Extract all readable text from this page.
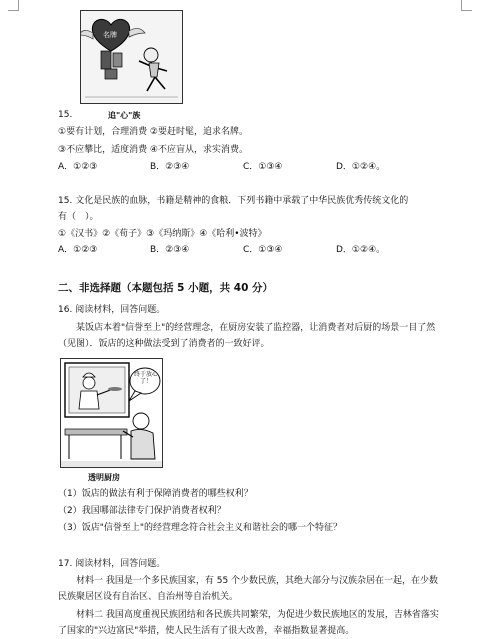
名牌
追"心"族
15.
①要有计划，合理消费 ②要赶时髦，追求名牌。
③不应攀比，适度消费 ④不应盲从，求实消费。
A．①②③	B．②③④	C．①③④	D．①②④。
15. 文化是民族的血脉，书籍是精神的食粮．下列书籍中承载了中华民族优秀传统文化的
有（　）。
①《汉书》②《荀子》③《玛纳斯》④《哈利•波特》
A．①②③	B．②③④	C．①③④	D．①②④。
二、非选择题（本题包括 5 小题，共 40 分）
16. 阅读材料，回答问题。
某饭店本着"信誉至上"的经营理念，在厨房安装了监控器，让消费者对后厨的场景一目了然（见图）．饭店的这种做法受到了消费者的一致好评。
终于放心了！
透明厨房
（1）饭店的做法有利于保障消费者的哪些权利？
（2）我国哪部法律专门保护消费者权利？
（3）饭店"信誉至上"的经营理念符合社会主义和谐社会的哪一个特征？
17. 阅读材料，回答问题。
材料一 我国是一个多民族国家，有 55 个少数民族，其绝大部分与汉族杂居在一起，在少数民族聚居区设有自治区、自治州等自治机关。
材料二 我国高度重视民族团结和各民族共同繁荣，为促进少数民族地区的发展，吉林省落实了国家的"兴边富民"举措，使人民生活有了很大改善，幸福指数显著提高。
